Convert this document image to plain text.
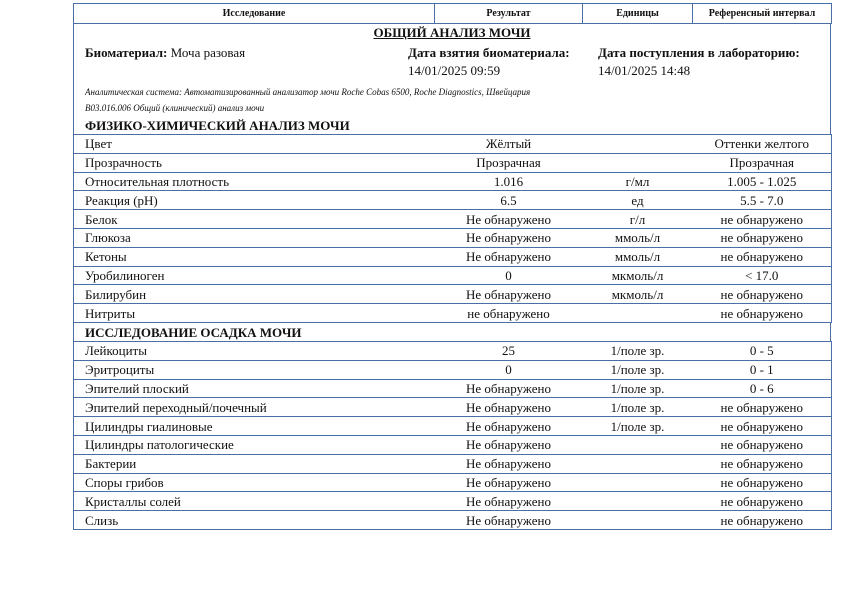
Исследование	Результат	Единицы	Референсный интервал
ОБЩИЙ АНАЛИЗ МОЧИ
Биоматериал: Моча разовая	Дата взятия биоматериала:
14/01/2025 09:59
Дата поступления в лабораторию:
14/01/2025 14:48
Аналитическая система: Автоматизированный анализатор мочи Roche Cobas 6500, Roche Diagnostics, Швейцария
B03.016.006 Общий (клинический) анализ мочи
ФИЗИКО-ХИМИЧЕСКИЙ АНАЛИЗ МОЧИ
Цвет	Жёлтый		Оттенки желтого
Прозрачность	Прозрачная		Прозрачная
Относительная плотность	1.016	г/мл	1.005 - 1.025
Реакция (pH)	6.5	ед	5.5 - 7.0
Белок	Не обнаружено	г/л	не обнаружено
Глюкоза	Не обнаружено	ммоль/л	не обнаружено
Кетоны	Не обнаружено	ммоль/л	не обнаружено
Уробилиноген	0	мкмоль/л	< 17.0
Билирубин	Не обнаружено	мкмоль/л	не обнаружено
Нитриты	не обнаружено		не обнаружено
ИССЛЕДОВАНИЕ ОСАДКА МОЧИ
Лейкоциты	25	1/поле зр.	0 - 5
Эритроциты	0	1/поле зр.	0 - 1
Эпителий плоский	Не обнаружено	1/поле зр.	0 - 6
Эпителий переходный/почечный	Не обнаружено	1/поле зр.	не обнаружено
Цилиндры гиалиновые	Не обнаружено	1/поле зр.	не обнаружено
Цилиндры патологические	Не обнаружено		не обнаружено
Бактерии	Не обнаружено		не обнаружено
Споры грибов	Не обнаружено		не обнаружено
Кристаллы солей	Не обнаружено		не обнаружено
Слизь	Не обнаружено		не обнаружено
